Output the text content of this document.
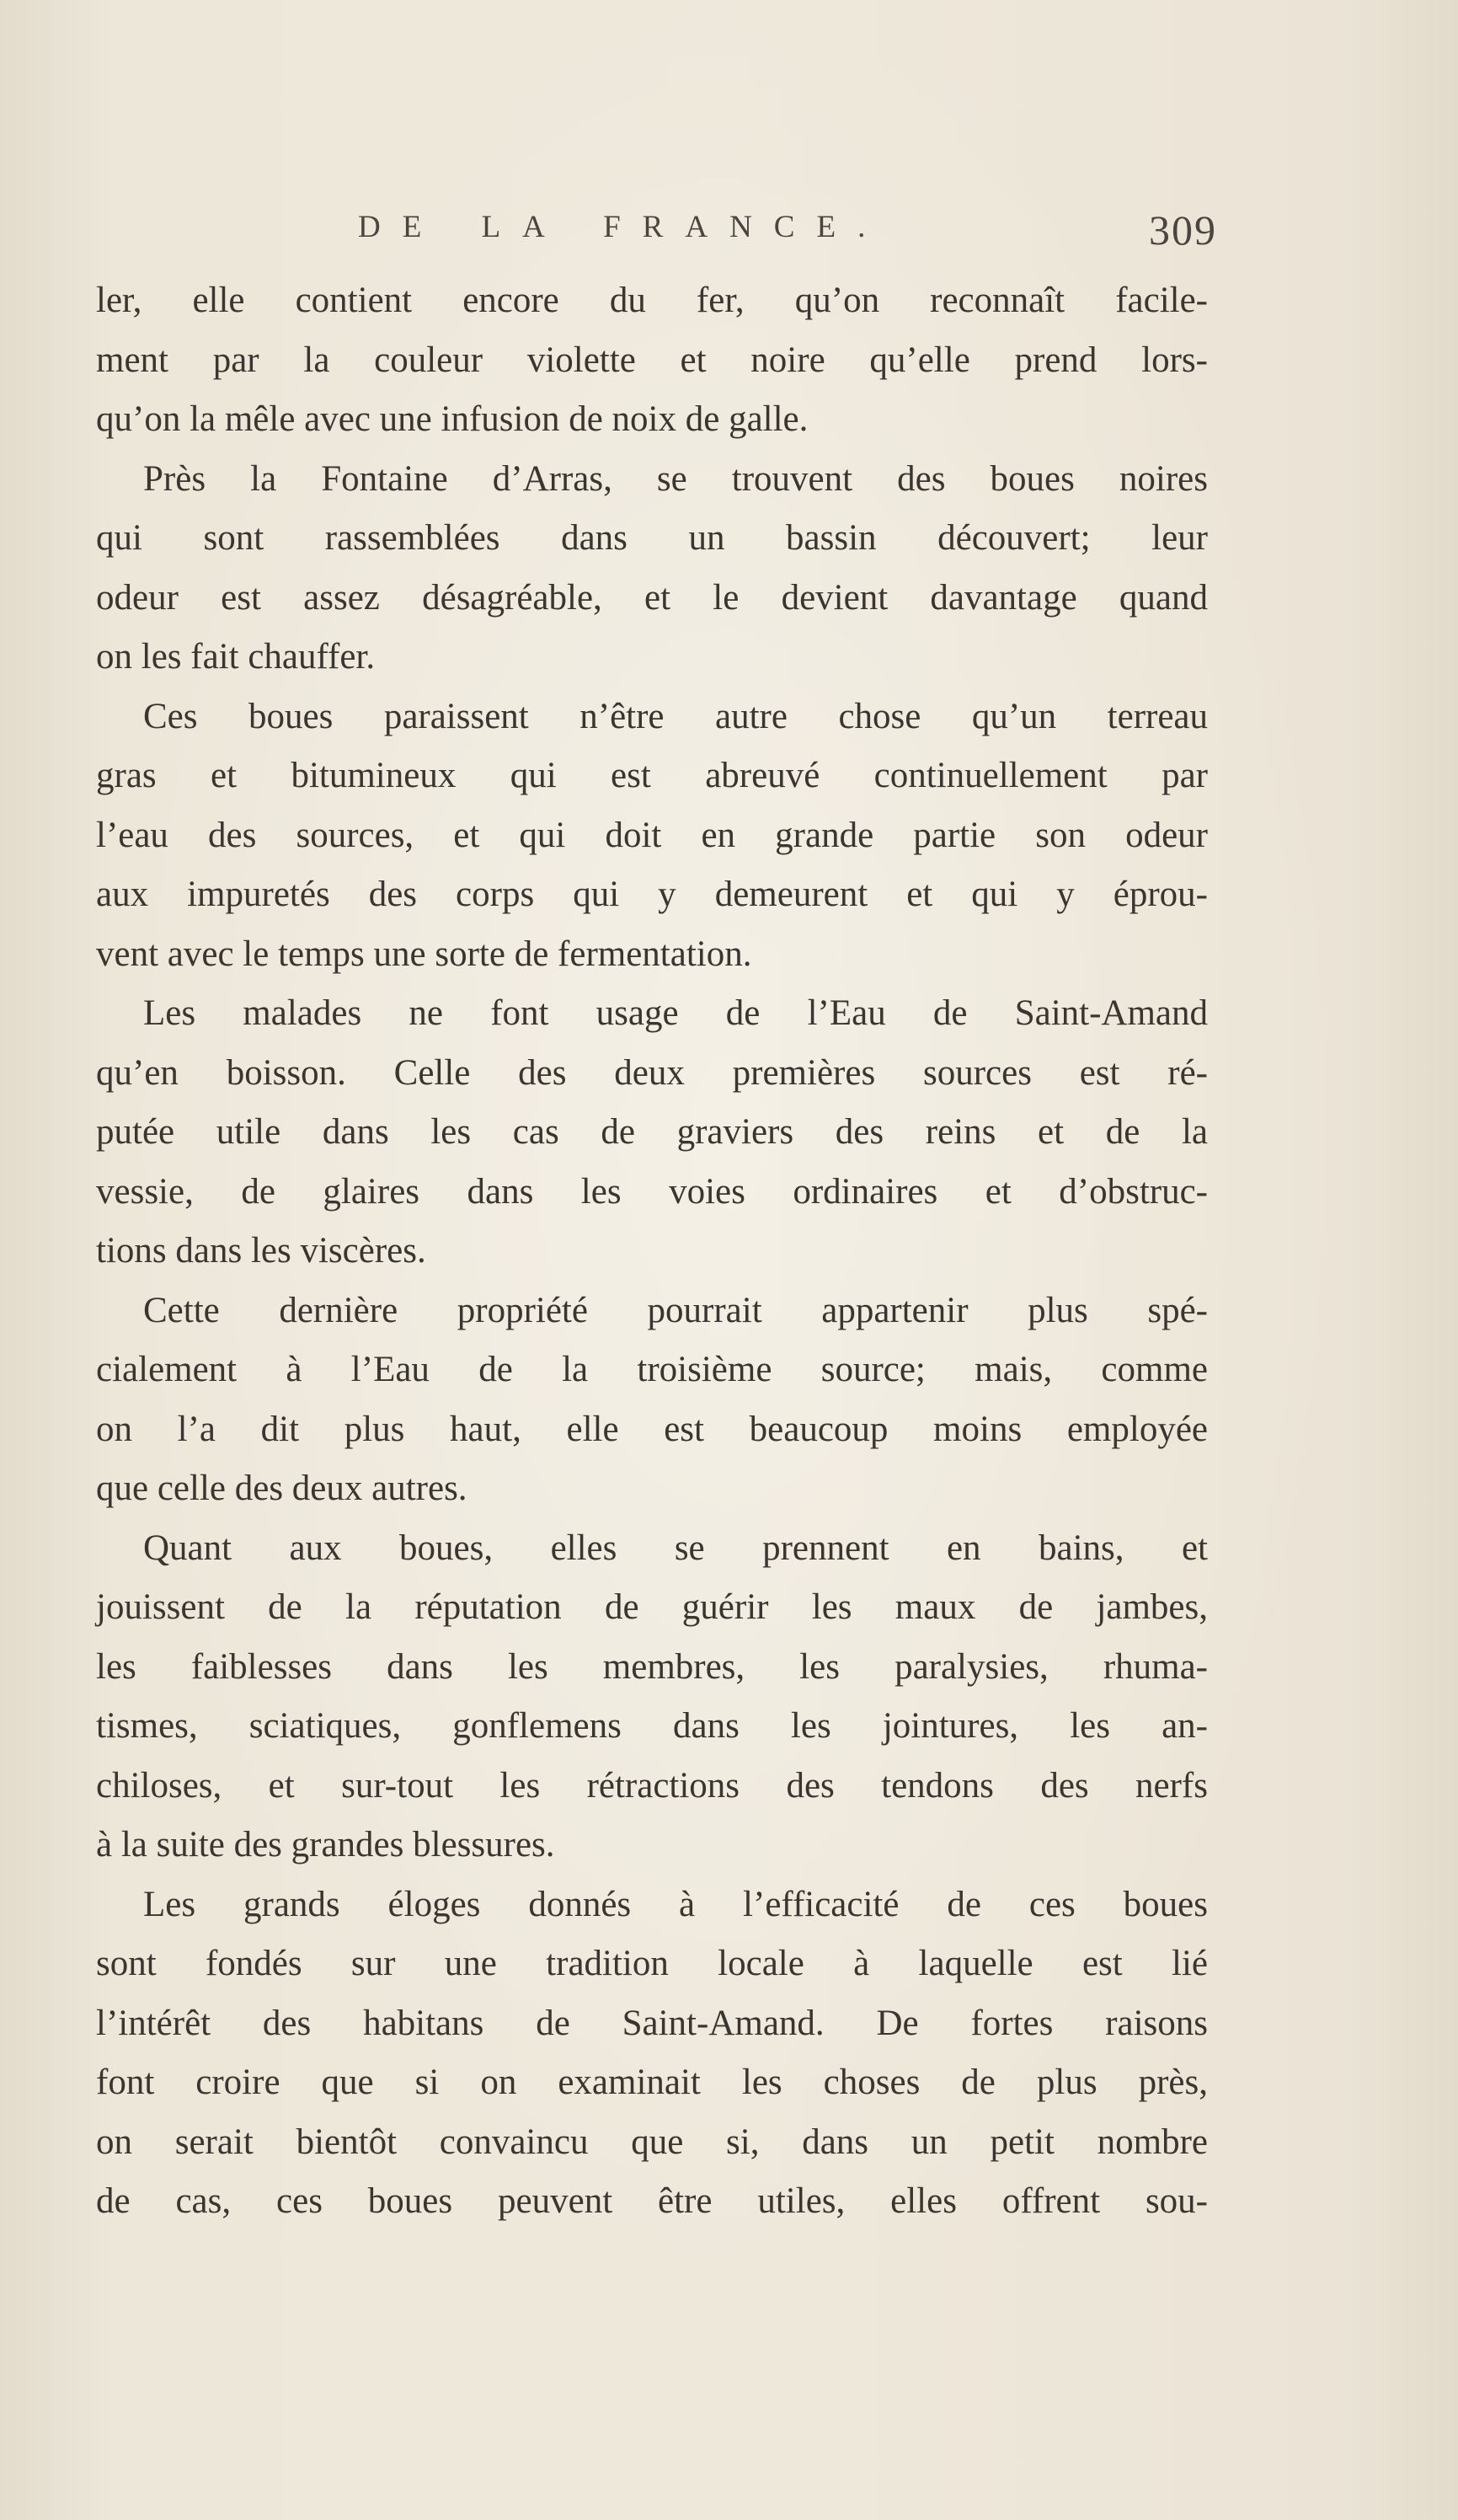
DE LA FRANCE.	309
ler, elle contient encore du fer, qu’on reconnaît facile-
ment par la couleur violette et noire qu’elle prend lors-
qu’on la mêle avec une infusion de noix de galle.
Près la Fontaine d’Arras, se trouvent des boues noires
qui sont rassemblées dans un bassin découvert; leur
odeur est assez désagréable, et le devient davantage quand
on les fait chauffer.
Ces boues paraissent n’être autre chose qu’un terreau
gras et bitumineux qui est abreuvé continuellement par
l’eau des sources, et qui doit en grande partie son odeur
aux impuretés des corps qui y demeurent et qui y éprou-
vent avec le temps une sorte de fermentation.
Les malades ne font usage de l’Eau de Saint-Amand
qu’en boisson. Celle des deux premières sources est ré-
putée utile dans les cas de graviers des reins et de la
vessie, de glaires dans les voies ordinaires et d’obstruc-
tions dans les viscères.
Cette dernière propriété pourrait appartenir plus spé-
cialement à l’Eau de la troisième source; mais, comme
on l’a dit plus haut, elle est beaucoup moins employée
que celle des deux autres.
Quant aux boues, elles se prennent en bains, et
jouissent de la réputation de guérir les maux de jambes,
les faiblesses dans les membres, les paralysies, rhuma-
tismes, sciatiques, gonflemens dans les jointures, les an-
chiloses, et sur-tout les rétractions des tendons des nerfs
à la suite des grandes blessures.
Les grands éloges donnés à l’efficacité de ces boues
sont fondés sur une tradition locale à laquelle est lié
l’intérêt des habitans de Saint-Amand. De fortes raisons
font croire que si on examinait les choses de plus près,
on serait bientôt convaincu que si, dans un petit nombre
de cas, ces boues peuvent être utiles, elles offrent sou-
